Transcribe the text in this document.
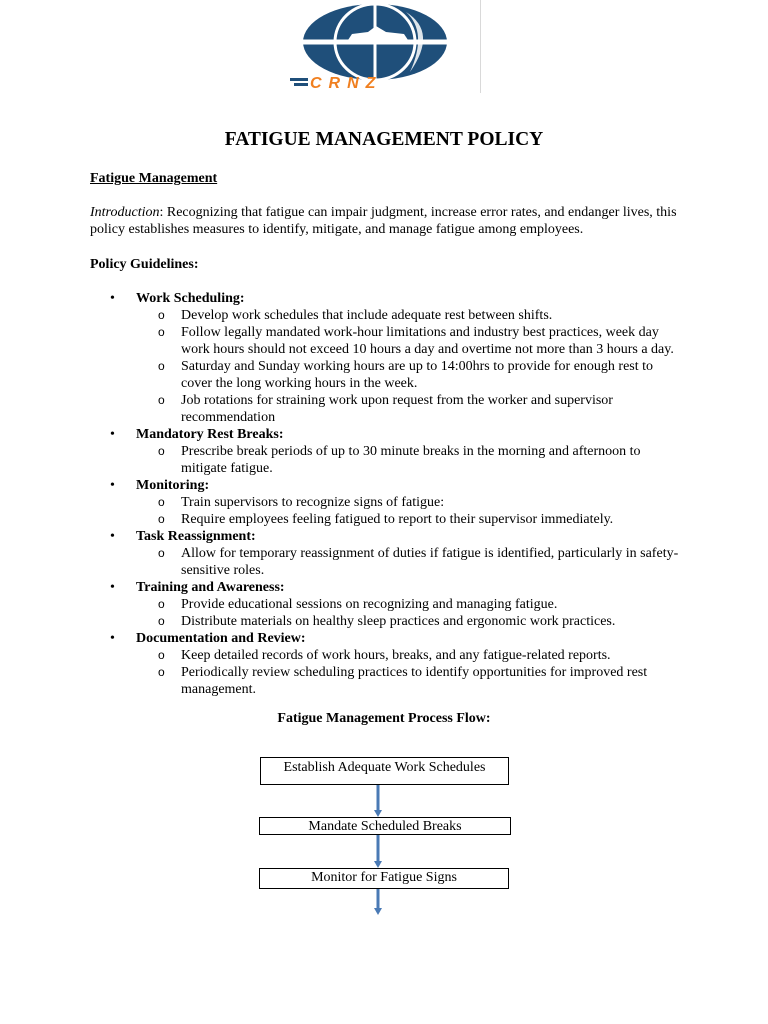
CRNZ
FATIGUE MANAGEMENT POLICY
Fatigue Management
Introduction: Recognizing that fatigue can impair judgment, increase error rates, and endanger lives, this policy establishes measures to identify, mitigate, and manage fatigue among employees.
Policy Guidelines:
• Work Scheduling:
o Develop work schedules that include adequate rest between shifts.
o Follow legally mandated work-hour limitations and industry best practices, week day work hours should not exceed 10 hours a day and overtime not more than 3 hours a day.
o Saturday and Sunday working hours are up to 14:00hrs to provide for enough rest to cover the long working hours in the week.
o Job rotations for straining work upon request from the worker and supervisor recommendation
• Mandatory Rest Breaks:
o Prescribe break periods of up to 30 minute breaks in the morning and afternoon to mitigate fatigue.
• Monitoring:
o Train supervisors to recognize signs of fatigue:
o Require employees feeling fatigued to report to their supervisor immediately.
• Task Reassignment:
o Allow for temporary reassignment of duties if fatigue is identified, particularly in safety-sensitive roles.
• Training and Awareness:
o Provide educational sessions on recognizing and managing fatigue.
o Distribute materials on healthy sleep practices and ergonomic work practices.
• Documentation and Review:
o Keep detailed records of work hours, breaks, and any fatigue-related reports.
o Periodically review scheduling practices to identify opportunities for improved rest management.
Fatigue Management Process Flow:
Establish Adequate Work Schedules
Mandate Scheduled Breaks
Monitor for Fatigue Signs
